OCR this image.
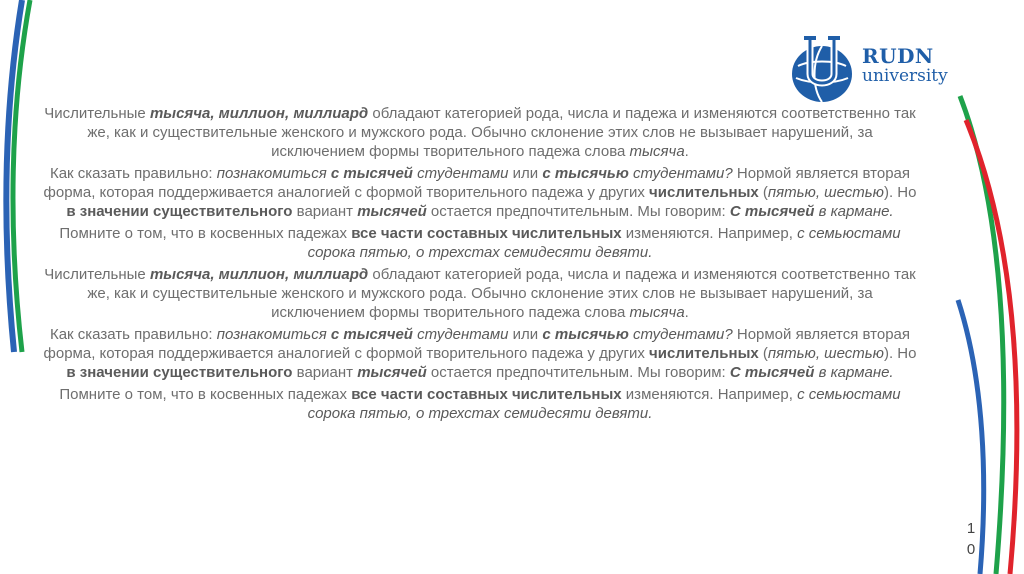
RUDN
university

Числительные тысяча, миллион, миллиард обладают категорией рода, числа и падежа и изменяются соответственно так же, как и существительные женского и мужского рода. Обычно склонение этих слов не вызывает нарушений, за исключением формы творительного падежа слова тысяча.

Как сказать правильно: познакомиться с тысячей студентами или с тысячью студентами? Нормой является вторая форма, которая поддерживается аналогией с формой творительного падежа у других числительных (пятью, шестью). Но в значении существительного вариант тысячей остается предпочтительным. Мы говорим: С тысячей в кармане.

Помните о том, что в косвенных падежах все части составных числительных изменяются. Например, с семьюстами сорока пятью, о трехстах семидесяти девяти.

Числительные тысяча, миллион, миллиард обладают категорией рода, числа и падежа и изменяются соответственно так же, как и существительные женского и мужского рода. Обычно склонение этих слов не вызывает нарушений, за исключением формы творительного падежа слова тысяча.

Как сказать правильно: познакомиться с тысячей студентами или с тысячью студентами? Нормой является вторая форма, которая поддерживается аналогией с формой творительного падежа у других числительных (пятью, шестью). Но в значении существительного вариант тысячей остается предпочтительным. Мы говорим: С тысячей в кармане.

Помните о том, что в косвенных падежах все части составных числительных изменяются. Например, с семьюстами сорока пятью, о трехстах семидесяти девяти.

1
0
